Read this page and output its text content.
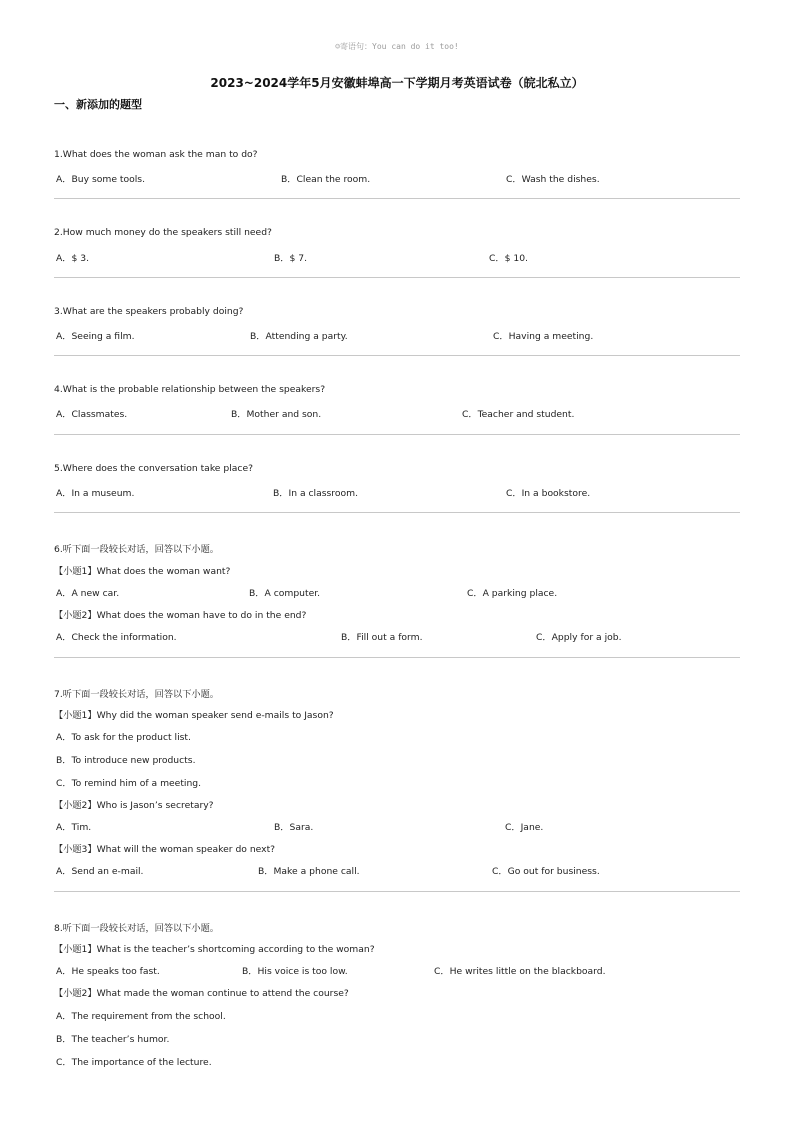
☺寄语句：You can do it too!
2023~2024学年5月安徽蚌埠高一下学期月考英语试卷（皖北私立）
一、新添加的题型
1.What does the woman ask the man to do?
A．Buy some tools.	B．Clean the room.	C．Wash the dishes.
2.How much money do the speakers still need?
A．$ 3.	B．$ 7.	C．$ 10.
3.What are the speakers probably doing?
A．Seeing a film.	B．Attending a party.	C．Having a meeting.
4.What is the probable relationship between the speakers?
A．Classmates.	B．Mother and son.	C．Teacher and student.
5.Where does the conversation take place?
A．In a museum.	B．In a classroom.	C．In a bookstore.
6.听下面一段较长对话，回答以下小题。
【小题1】What does the woman want?
A．A new car.	B．A computer.	C．A parking place.
【小题2】What does the woman have to do in the end?
A．Check the information.	B．Fill out a form.	C．Apply for a job.
7.听下面一段较长对话，回答以下小题。
【小题1】Why did the woman speaker send e-mails to Jason?
A．To ask for the product list.
B．To introduce new products.
C．To remind him of a meeting.
【小题2】Who is Jason’s secretary?
A．Tim.	B．Sara.	C．Jane.
【小题3】What will the woman speaker do next?
A．Send an e-mail.	B．Make a phone call.	C．Go out for business.
8.听下面一段较长对话，回答以下小题。
【小题1】What is the teacher’s shortcoming according to the woman?
A．He speaks too fast.	B．His voice is too low.	C．He writes little on the blackboard.
【小题2】What made the woman continue to attend the course?
A．The requirement from the school.
B．The teacher’s humor.
C．The importance of the lecture.
